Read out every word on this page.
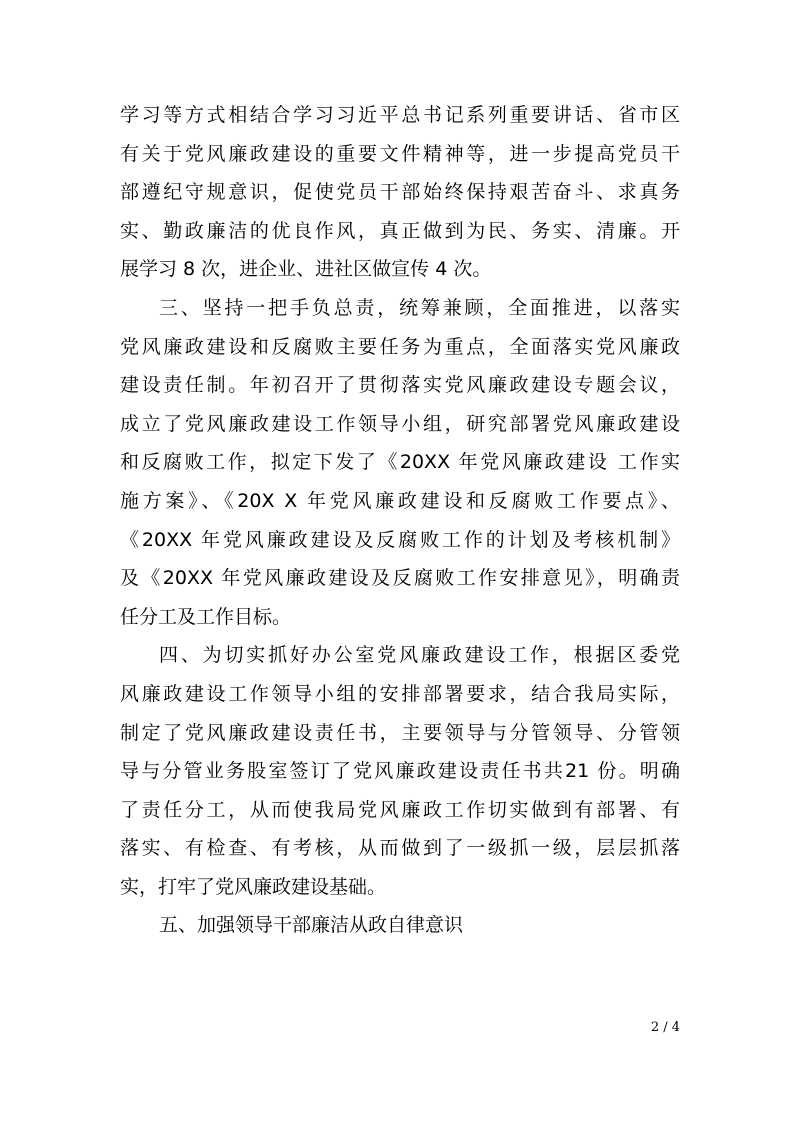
学习等方式相结合学习习近平总书记系列重要讲话、省市区
有关于党风廉政建设的重要文件精神等，进一步提高党员干
部遵纪守规意识，促使党员干部始终保持艰苦奋斗、求真务
实、勤政廉洁的优良作风，真正做到为民、务实、清廉。开
展学习 8 次，进企业、进社区做宣传 4 次。
三、坚持一把手负总责，统筹兼顾，全面推进，以落实
党风廉政建设和反腐败主要任务为重点，全面落实党风廉政
建设责任制。年初召开了贯彻落实党风廉政建设专题会议，
成立了党风廉政建设工作领导小组，研究部署党风廉政建设
和反腐败工作，拟定下发了《20XX 年党风廉政建设 工作实
施方案》、《20X X 年党风廉政建设和反腐败工作要点》、
《20XX 年党风廉政建设及反腐败工作的计划及考核机制》
及《20XX 年党风廉政建设及反腐败工作安排意见》，明确责
任分工及工作目标。
四、为切实抓好办公室党风廉政建设工作，根据区委党
风廉政建设工作领导小组的安排部署要求，结合我局实际，
制定了党风廉政建设责任书，主要领导与分管领导、分管领
导与分管业务股室签订了党风廉政建设责任书共21 份。明确
了责任分工，从而使我局党风廉政工作切实做到有部署、有
落实、有检查、有考核，从而做到了一级抓一级，层层抓落
实，打牢了党风廉政建设基础。
五、加强领导干部廉洁从政自律意识
2 / 4
